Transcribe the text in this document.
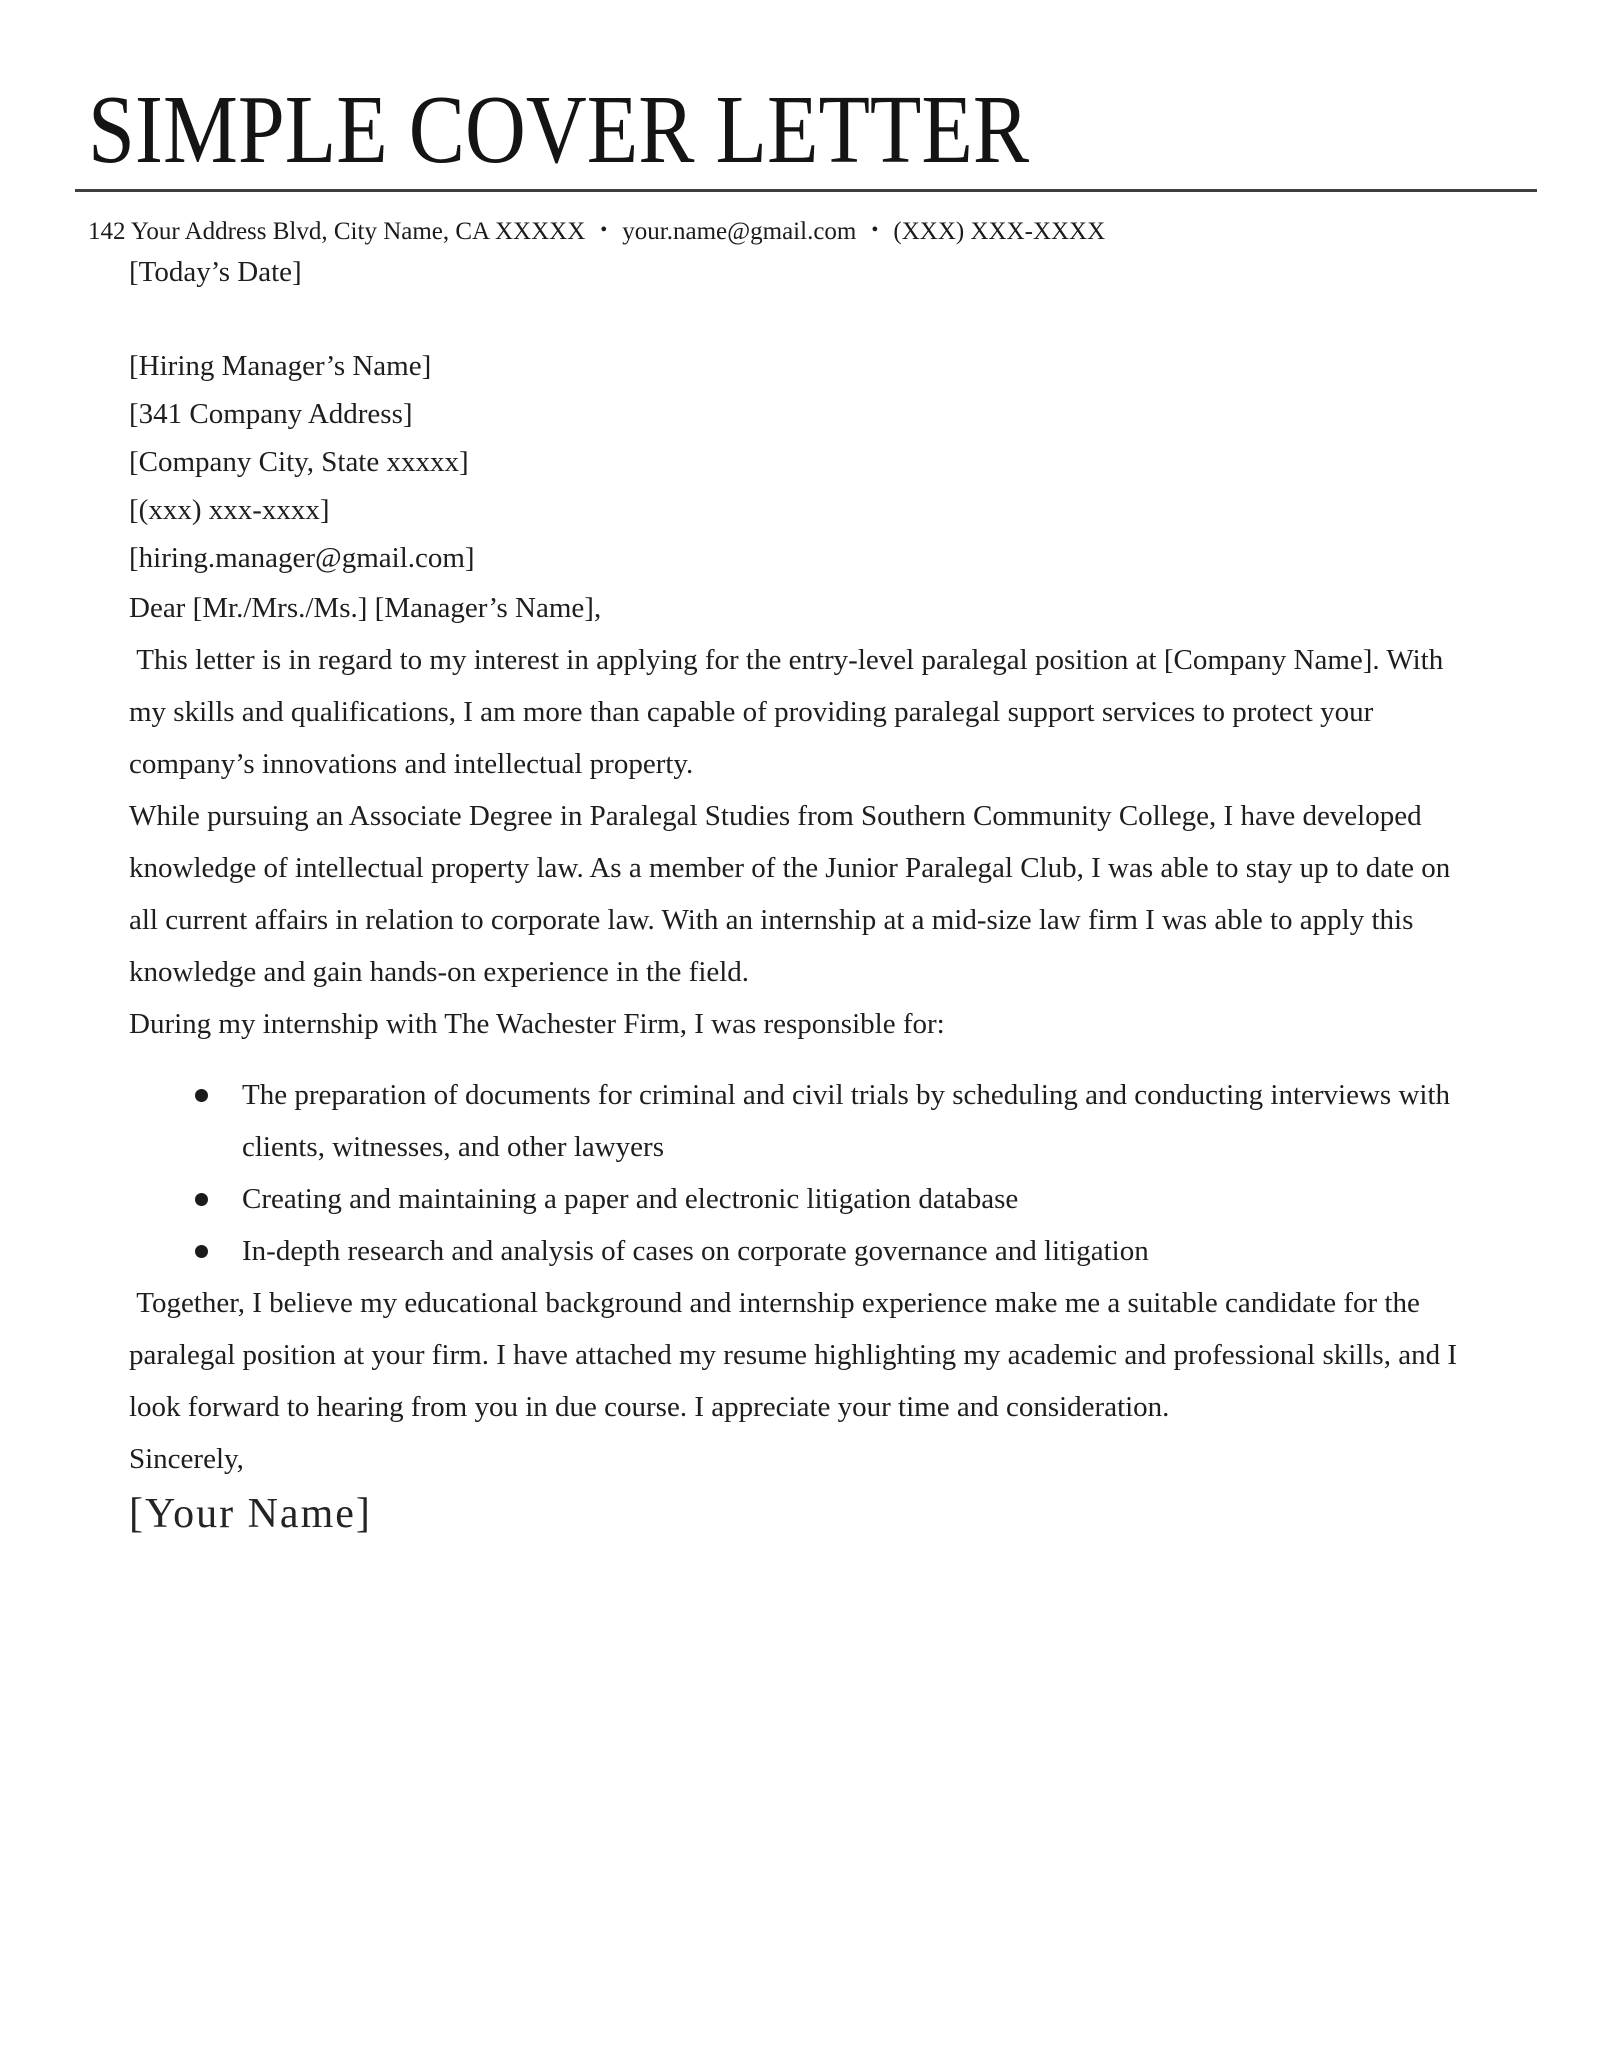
SIMPLE COVER LETTER
142 Your Address Blvd, City Name, CA XXXXX • your.name@gmail.com • (XXX) XXX-XXXX

[Today’s Date]

[Hiring Manager’s Name]
[341 Company Address]
[Company City, State xxxxx]
[(xxx) xxx-xxxx]
[hiring.manager@gmail.com]

Dear [Mr./Mrs./Ms.] [Manager’s Name],

This letter is in regard to my interest in applying for the entry-level paralegal position at [Company Name]. With my skills and qualifications, I am more than capable of providing paralegal support services to protect your company’s innovations and intellectual property.

While pursuing an Associate Degree in Paralegal Studies from Southern Community College, I have developed knowledge of intellectual property law. As a member of the Junior Paralegal Club, I was able to stay up to date on all current affairs in relation to corporate law. With an internship at a mid-size law firm I was able to apply this knowledge and gain hands-on experience in the field.

During my internship with The Wachester Firm, I was responsible for:

The preparation of documents for criminal and civil trials by scheduling and conducting interviews with clients, witnesses, and other lawyers
Creating and maintaining a paper and electronic litigation database
In-depth research and analysis of cases on corporate governance and litigation

Together, I believe my educational background and internship experience make me a suitable candidate for the paralegal position at your firm. I have attached my resume highlighting my academic and professional skills, and I look forward to hearing from you in due course. I appreciate your time and consideration.

Sincerely,

[Your Name]
